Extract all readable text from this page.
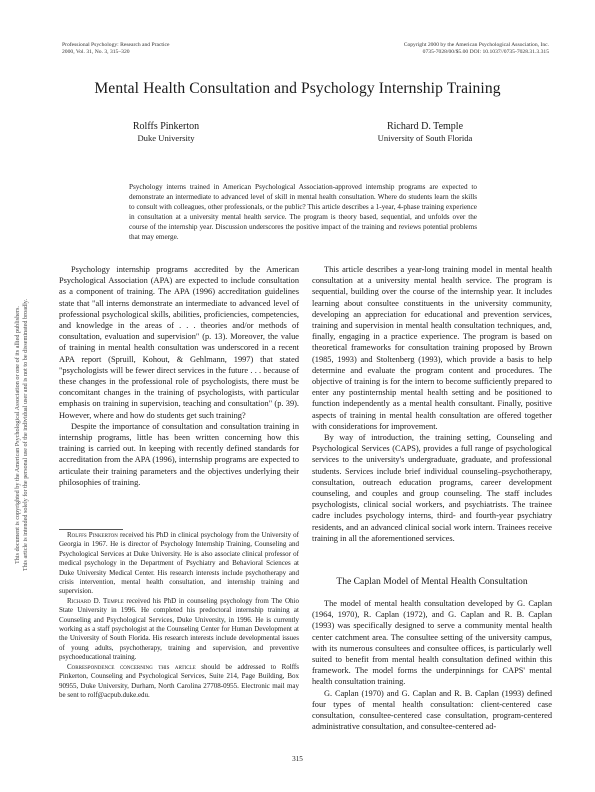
Professional Psychology: Research and Practice
2000, Vol. 31, No. 3, 315–320
Copyright 2000 by the American Psychological Association, Inc.
0735-7028/00/$5.00 DOI: 10.1037//0735-7028.31.3.315
This document is copyrighted by the American Psychological Association or one of its allied publishers. This article is intended solely for the personal use of the individual user and is not to be disseminated broadly.
Mental Health Consultation and Psychology Internship Training
Rolffs Pinkerton
Duke University
Richard D. Temple
University of South Florida
Psychology interns trained in American Psychological Association-approved internship programs are expected to demonstrate an intermediate to advanced level of skill in mental health consultation. Where do students learn the skills to consult with colleagues, other professionals, or the public? This article describes a 1-year, 4-phase training experience in consultation at a university mental health service. The program is theory based, sequential, and unfolds over the course of the internship year. Discussion underscores the positive impact of the training and reviews potential problems that may emerge.

Psychology internship programs accredited by the American Psychological Association (APA) are expected to include consultation as a component of training. The APA (1996) accreditation guidelines state that "all interns demonstrate an intermediate to advanced level of professional psychological skills, abilities, proficiencies, competencies, and knowledge in the areas of . . . theories and/or methods of consultation, evaluation and supervision" (p. 13). Moreover, the value of training in mental health consultation was underscored in a recent APA report (Spruill, Kohout, & Gehlmann, 1997) that stated "psychologists will be fewer direct services in the future . . . because of these changes in the professional role of psychologists, there must be concomitant changes in the training of psychologists, with particular emphasis on training in supervision, teaching and consultation" (p. 39). However, where and how do students get such training?

Despite the importance of consultation and consultation training in internship programs, little has been written concerning how this training is carried out. In keeping with recently defined standards for accreditation from the APA (1996), internship programs are expected to articulate their training parameters and the objectives underlying their philosophies of training.

Rolffs Pinkerton received his PhD in clinical psychology from the University of Georgia in 1967. He is director of Psychology Internship Training, Counseling and Psychological Services at Duke University. He is also associate clinical professor of medical psychology in the Department of Psychiatry and Behavioral Sciences at Duke University Medical Center. His research interests include psychotherapy and crisis intervention, mental health consultation, and internship training and supervision.

Richard D. Temple received his PhD in counseling psychology from The Ohio State University in 1996. He completed his predoctoral internship training at Counseling and Psychological Services, Duke University, in 1996. He is currently working as a staff psychologist at the Counseling Center for Human Development at the University of South Florida. His research interests include developmental issues of young adults, psychotherapy, training and supervision, and preventive psychoeducational training.

Correspondence concerning this article should be addressed to Rolffs Pinkerton, Counseling and Psychological Services, Suite 214, Page Building, Box 90955, Duke University, Durham, North Carolina 27708-0955. Electronic mail may be sent to rolf@acpub.duke.edu.

This article describes a year-long training model in mental health consultation at a university mental health service. The program is sequential, building over the course of the internship year. It includes learning about consultee constituents in the university community, developing an appreciation for educational and prevention services, training and supervision in mental health consultation techniques, and, finally, engaging in a practice experience. The program is based on theoretical frameworks for consultation training proposed by Brown (1985, 1993) and Stoltenberg (1993), which provide a basis to help determine and evaluate the program content and procedures. The objective of training is for the intern to become sufficiently prepared to enter any postinternship mental health setting and be positioned to function independently as a mental health consultant. Finally, positive aspects of training in mental health consultation are offered together with considerations for improvement.

By way of introduction, the training setting, Counseling and Psychological Services (CAPS), provides a full range of psychological services to the university's undergraduate, graduate, and professional students. Services include brief individual counseling–psychotherapy, consultation, outreach education programs, career development counseling, and couples and group counseling. The staff includes psychologists, clinical social workers, and psychiatrists. The trainee cadre includes psychology interns, third- and fourth-year psychiatry residents, and an advanced clinical social work intern. Trainees receive training in all the aforementioned services.

The Caplan Model of Mental Health Consultation

The model of mental health consultation developed by G. Caplan (1964, 1970), R. Caplan (1972), and G. Caplan and R. B. Caplan (1993) was specifically designed to serve a community mental health center catchment area. The consultee setting of the university campus, with its numerous consultees and consultee offices, is particularly well suited to benefit from mental health consultation defined within this framework. The model forms the underpinnings for CAPS' mental health consultation training.

G. Caplan (1970) and G. Caplan and R. B. Caplan (1993) defined four types of mental health consultation: client-centered case consultation, consultee-centered case consultation, program-centered administrative consultation, and consultee-centered ad-

315
